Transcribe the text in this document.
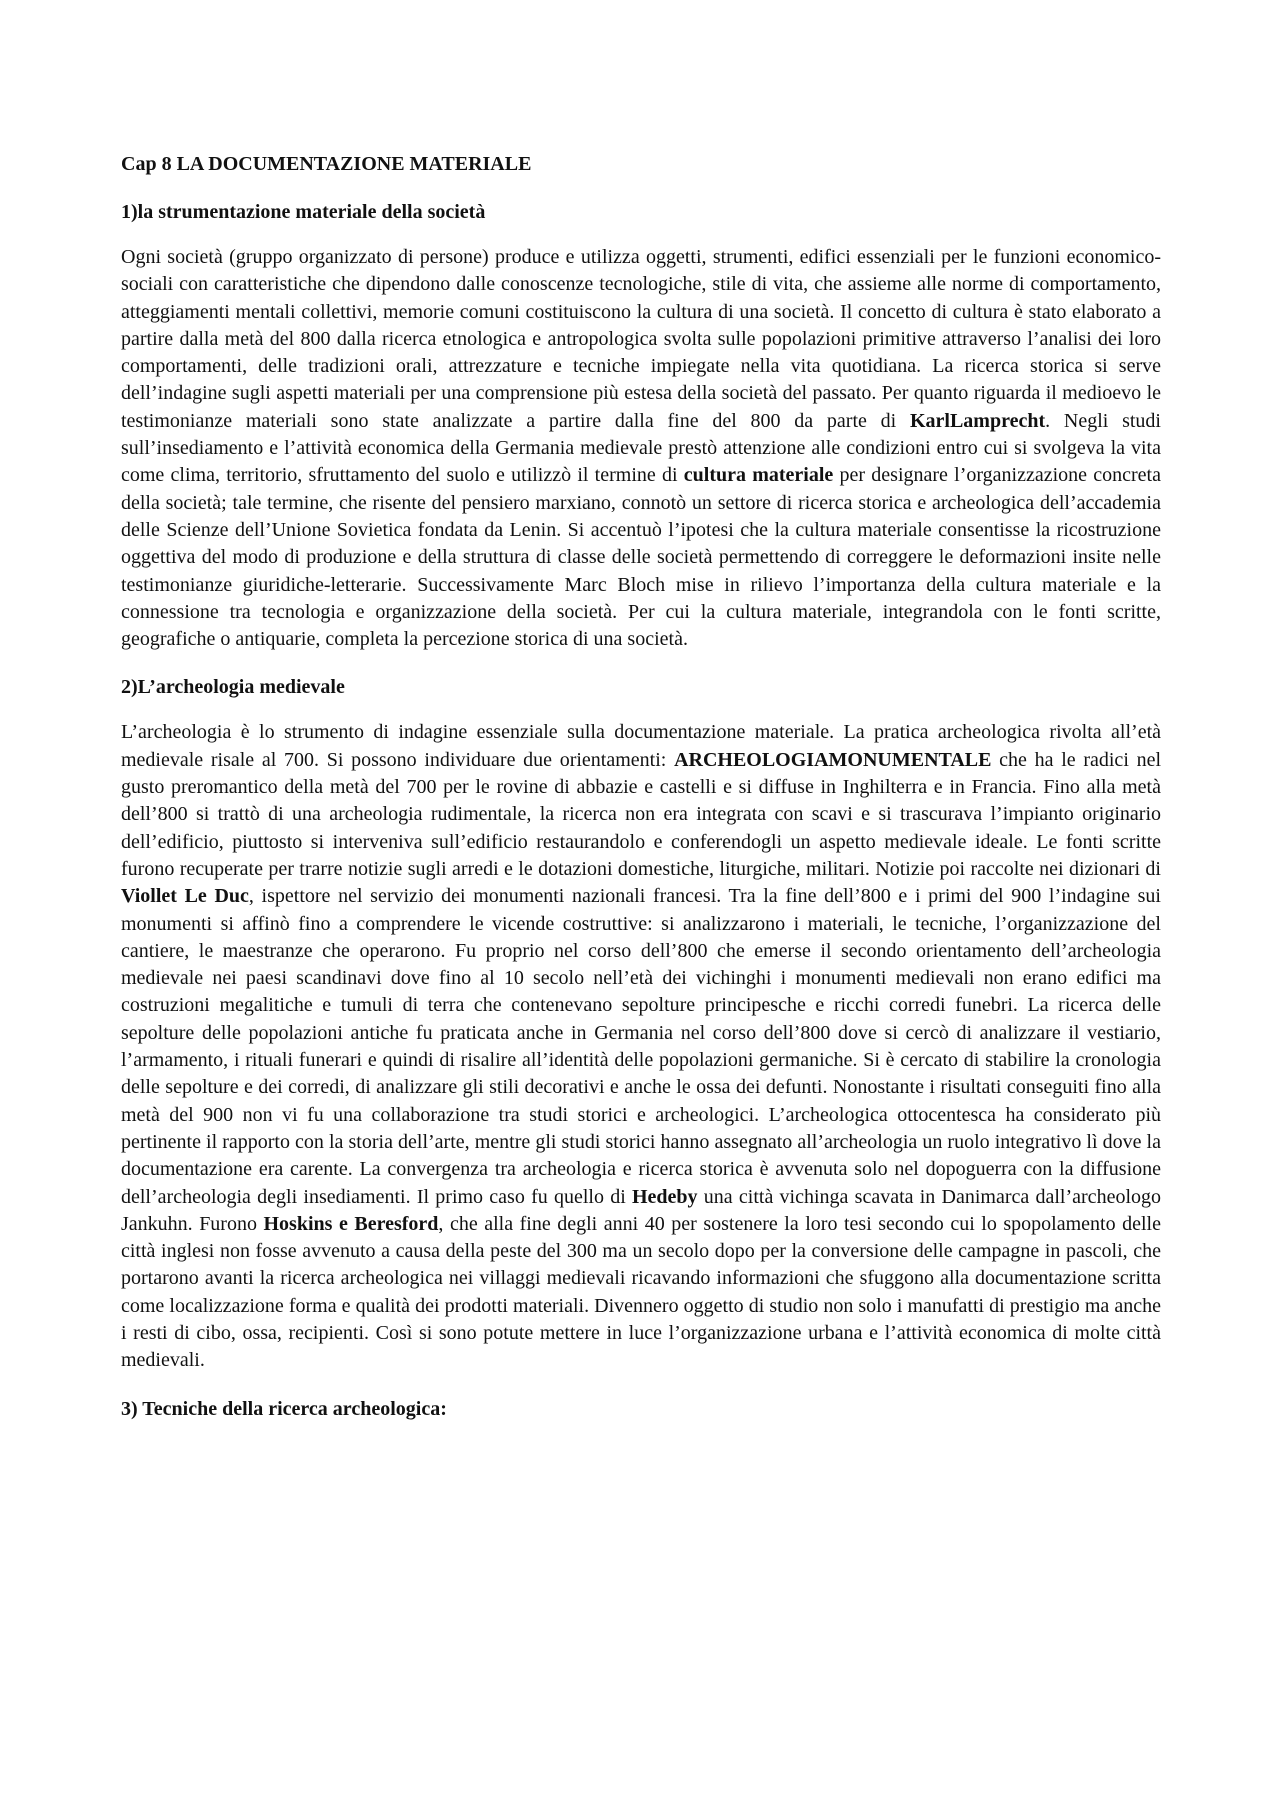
Cap 8 LA DOCUMENTAZIONE MATERIALE

1)la strumentazione materiale della società

Ogni società (gruppo organizzato di persone) produce e utilizza oggetti, strumenti, edifici essenziali per le funzioni economico-sociali con caratteristiche che dipendono dalle conoscenze tecnologiche, stile di vita, che assieme alle norme di comportamento, atteggiamenti mentali collettivi, memorie comuni costituiscono la cultura di una società. Il concetto di cultura è stato elaborato a partire dalla metà del 800 dalla ricerca etnologica e antropologica svolta sulle popolazioni primitive attraverso l’analisi dei loro comportamenti, delle tradizioni orali, attrezzature e tecniche impiegate nella vita quotidiana. La ricerca storica si serve dell’indagine sugli aspetti materiali per una comprensione più estesa della società del passato. Per quanto riguarda il medioevo le testimonianze materiali sono state analizzate a partire dalla fine del 800 da parte di KarlLamprecht. Negli studi sull’insediamento e l’attività economica della Germania medievale prestò attenzione alle condizioni entro cui si svolgeva la vita come clima, territorio, sfruttamento del suolo e utilizzò il termine di cultura materiale per designare l’organizzazione concreta della società; tale termine, che risente del pensiero marxiano, connotò un settore di ricerca storica e archeologica dell’accademia delle Scienze dell’Unione Sovietica fondata da Lenin. Si accentuò l’ipotesi che la cultura materiale consentisse la ricostruzione oggettiva del modo di produzione e della struttura di classe delle società permettendo di correggere le deformazioni insite nelle testimonianze giuridiche-letterarie. Successivamente Marc Bloch mise in rilievo l’importanza della cultura materiale e la connessione tra tecnologia e organizzazione della società. Per cui la cultura materiale, integrandola con le fonti scritte, geografiche o antiquarie, completa la percezione storica di una società.

2)L’archeologia medievale

L’archeologia è lo strumento di indagine essenziale sulla documentazione materiale. La pratica archeologica rivolta all’età medievale risale al 700. Si possono individuare due orientamenti: ARCHEOLOGIAMONUMENTALE che ha le radici nel gusto preromantico della metà del 700 per le rovine di abbazie e castelli e si diffuse in Inghilterra e in Francia. Fino alla metà dell’800 si trattò di una archeologia rudimentale, la ricerca non era integrata con scavi e si trascurava l’impianto originario dell’edificio, piuttosto si interveniva sull’edificio restaurandolo e conferendogli un aspetto medievale ideale. Le fonti scritte furono recuperate per trarre notizie sugli arredi e le dotazioni domestiche, liturgiche, militari. Notizie poi raccolte nei dizionari di Viollet Le Duc, ispettore nel servizio dei monumenti nazionali francesi. Tra la fine dell’800 e i primi del 900 l’indagine sui monumenti si affinò fino a comprendere le vicende costruttive: si analizzarono i materiali, le tecniche, l’organizzazione del cantiere, le maestranze che operarono. Fu proprio nel corso dell’800 che emerse il secondo orientamento dell’archeologia medievale nei paesi scandinavi dove fino al 10 secolo nell’età dei vichinghi i monumenti medievali non erano edifici ma costruzioni megalitiche e tumuli di terra che contenevano sepolture principesche e ricchi corredi funebri. La ricerca delle sepolture delle popolazioni antiche fu praticata anche in Germania nel corso dell’800 dove si cercò di analizzare il vestiario, l’armamento, i rituali funerari e quindi di risalire all’identità delle popolazioni germaniche. Si è cercato di stabilire la cronologia delle sepolture e dei corredi, di analizzare gli stili decorativi e anche le ossa dei defunti. Nonostante i risultati conseguiti fino alla metà del 900 non vi fu una collaborazione tra studi storici e archeologici. L’archeologica ottocentesca ha considerato più pertinente il rapporto con la storia dell’arte, mentre gli studi storici hanno assegnato all’archeologia un ruolo integrativo lì dove la documentazione era carente. La convergenza tra archeologia e ricerca storica è avvenuta solo nel dopoguerra con la diffusione dell’archeologia degli insediamenti. Il primo caso fu quello di Hedeby una città vichinga scavata in Danimarca dall’archeologo Jankuhn. Furono Hoskins e Beresford, che alla fine degli anni 40 per sostenere la loro tesi secondo cui lo spopolamento delle città inglesi non fosse avvenuto a causa della peste del 300 ma un secolo dopo per la conversione delle campagne in pascoli, che portarono avanti la ricerca archeologica nei villaggi medievali ricavando informazioni che sfuggono alla documentazione scritta come localizzazione forma e qualità dei prodotti materiali. Divennero oggetto di studio non solo i manufatti di prestigio ma anche i resti di cibo, ossa, recipienti. Così si sono potute mettere in luce l’organizzazione urbana e l’attività economica di molte città medievali.

3) Tecniche della ricerca archeologica:
